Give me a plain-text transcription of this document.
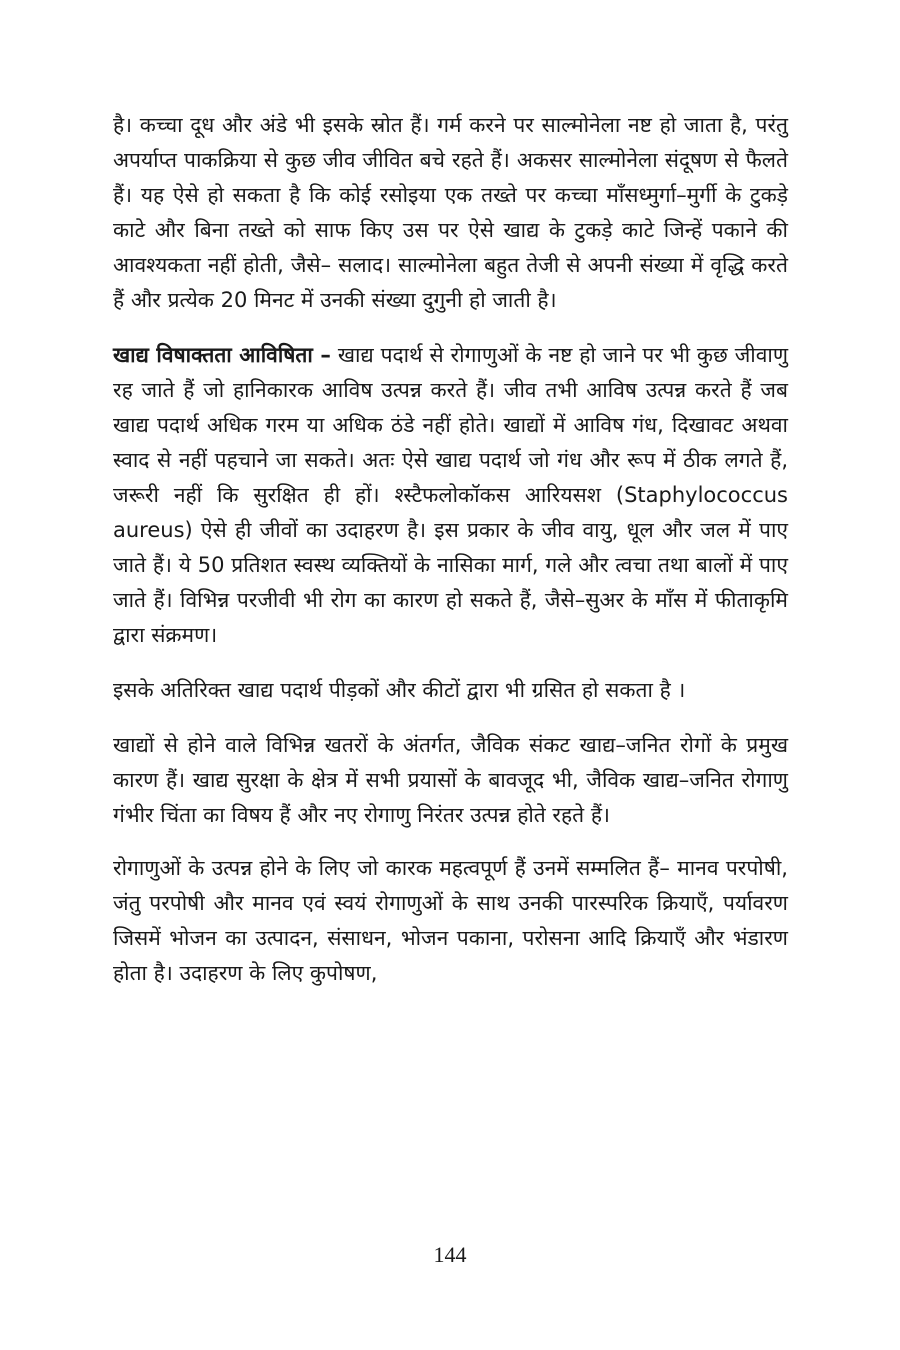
है। कच्चा दूध और अंडे भी इसके स्रोत हैं। गर्म करने पर साल्मोनेला नष्ट हो जाता है, परंतु अपर्याप्त पाकक्रिया से कुछ जीव जीवित बचे रहते हैं। अकसर साल्मोनेला संदूषण से फैलते हैं। यह ऐसे हो सकता है कि कोई रसोइया एक तख्ते पर कच्चा माँसध्मुर्गा–मुर्गी के टुकड़े काटे और बिना तख्ते को साफ किए उस पर ऐसे खाद्य के टुकड़े काटे जिन्हें पकाने की आवश्यकता नहीं होती, जैसे– सलाद। साल्मोनेला बहुत तेजी से अपनी संख्या में वृद्धि करते हैं और प्रत्येक 20 मिनट में उनकी संख्या दुगुनी हो जाती है।

खाद्य विषाक्तता आविषिता – खाद्य पदार्थ से रोगाणुओं के नष्ट हो जाने पर भी कुछ जीवाणु रह जाते हैं जो हानिकारक आविष उत्पन्न करते हैं। जीव तभी आविष उत्पन्न करते हैं जब खाद्य पदार्थ अधिक गरम या अधिक ठंडे नहीं होते। खाद्यों में आविष गंध, दिखावट अथवा स्वाद से नहीं पहचाने जा सकते। अतः ऐसे खाद्य पदार्थ जो गंध और रूप में ठीक लगते हैं, जरूरी नहीं कि सुरक्षित ही हों। श्स्टैफलोकॉकस आरियसश (Staphylococcus aureus) ऐसे ही जीवों का उदाहरण है। इस प्रकार के जीव वायु, धूल और जल में पाए जाते हैं। ये 50 प्रतिशत स्वस्थ व्यक्तियों के नासिका मार्ग, गले और त्वचा तथा बालों में पाए जाते हैं। विभिन्न परजीवी भी रोग का कारण हो सकते हैं, जैसे–सुअर के माँस में फीताकृमि द्वारा संक्रमण।

इसके अतिरिक्त खाद्य पदार्थ पीड़कों और कीटों द्वारा भी ग्रसित हो सकता है ।

खाद्यों से होने वाले विभिन्न खतरों के अंतर्गत, जैविक संकट खाद्य–जनित रोगों के प्रमुख कारण हैं। खाद्य सुरक्षा के क्षेत्र में सभी प्रयासों के बावजूद भी, जैविक खाद्य–जनित रोगाणु गंभीर चिंता का विषय हैं और नए रोगाणु निरंतर उत्पन्न होते रहते हैं।

रोगाणुओं के उत्पन्न होने के लिए जो कारक महत्वपूर्ण हैं उनमें सम्मलित हैं– मानव परपोषी, जंतु परपोषी और मानव एवं स्वयं रोगाणुओं के साथ उनकी पारस्परिक क्रियाएँ, पर्यावरण जिसमें भोजन का उत्पादन, संसाधन, भोजन पकाना, परोसना आदि क्रियाएँ और भंडारण होता है। उदाहरण के लिए कुपोषण,

144
